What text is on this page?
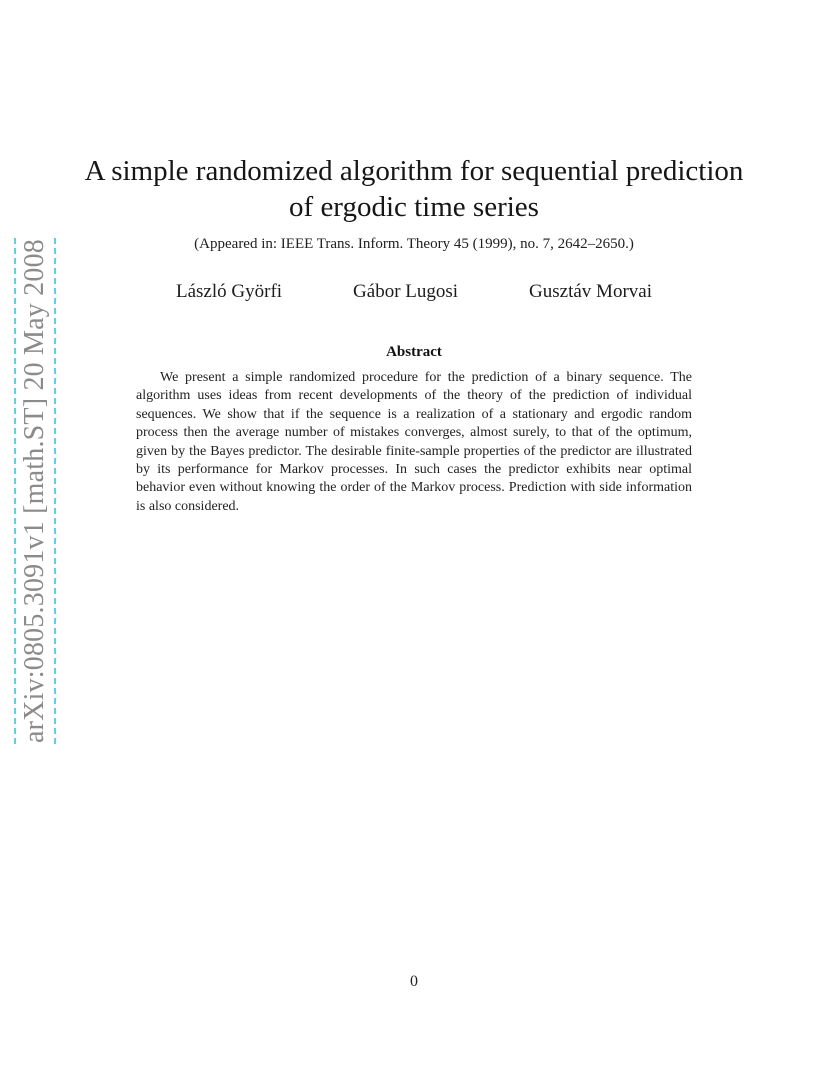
arXiv:0805.3091v1 [math.ST] 20 May 2008
A simple randomized algorithm for sequential prediction
of ergodic time series
(Appeared in: IEEE Trans. Inform. Theory 45 (1999), no. 7, 2642–2650.)
László Györfi	Gábor Lugosi	Gusztáv Morvai
Abstract

We present a simple randomized procedure for the prediction of a binary sequence. The algorithm uses ideas from recent developments of the theory of the prediction of individual sequences. We show that if the sequence is a realization of a stationary and ergodic random process then the average number of mistakes converges, almost surely, to that of the optimum, given by the Bayes predictor. The desirable finite-sample properties of the predictor are illustrated by its performance for Markov processes. In such cases the predictor exhibits near optimal behavior even without knowing the order of the Markov process. Prediction with side information is also considered.

0
